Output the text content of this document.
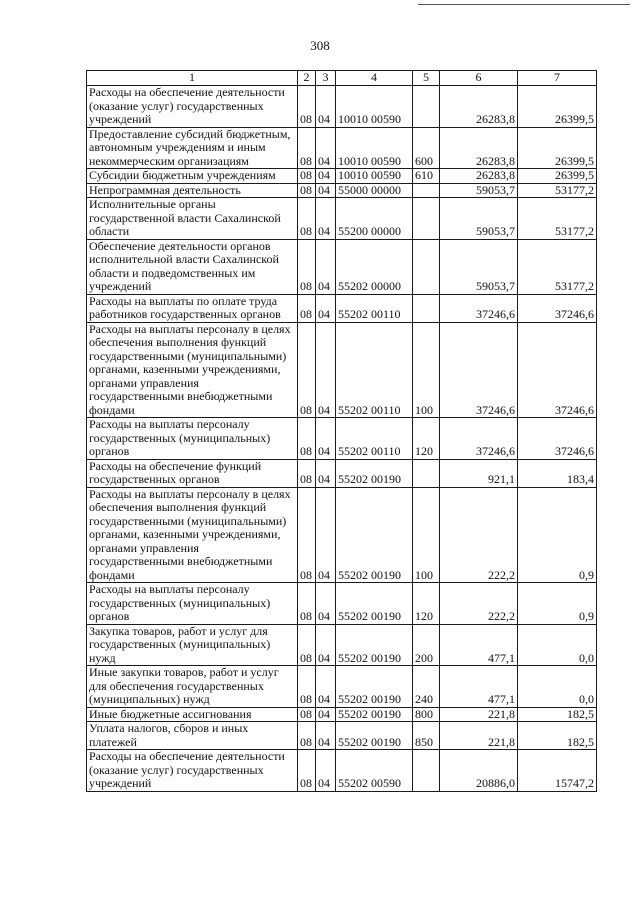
308
1	2	3	4	5	6	7
Расходы на обеспечение деятельности (оказание услуг) государственных учреждений	08	04	10010 00590		26283,8	26399,5
Предоставление субсидий бюджетным, автономным учреждениям и иным некоммерческим организациям	08	04	10010 00590	600	26283,8	26399,5
Субсидии бюджетным учреждениям	08	04	10010 00590	610	26283,8	26399,5
Непрограммная деятельность	08	04	55000 00000		59053,7	53177,2
Исполнительные органы государственной власти Сахалинской области	08	04	55200 00000		59053,7	53177,2
Обеспечение деятельности органов исполнительной власти Сахалинской области и подведомственных им учреждений	08	04	55202 00000		59053,7	53177,2
Расходы на выплаты по оплате труда работников государственных органов	08	04	55202 00110		37246,6	37246,6
Расходы на выплаты персоналу в целях обеспечения выполнения функций государственными (муниципальными) органами, казенными учреждениями, органами управления государственными внебюджетными фондами	08	04	55202 00110	100	37246,6	37246,6
Расходы на выплаты персоналу государственных (муниципальных) органов	08	04	55202 00110	120	37246,6	37246,6
Расходы на обеспечение функций государственных органов	08	04	55202 00190		921,1	183,4
Расходы на выплаты персоналу в целях обеспечения выполнения функций государственными (муниципальными) органами, казенными учреждениями, органами управления государственными внебюджетными фондами	08	04	55202 00190	100	222,2	0,9
Расходы на выплаты персоналу государственных (муниципальных) органов	08	04	55202 00190	120	222,2	0,9
Закупка товаров, работ и услуг для государственных (муниципальных) нужд	08	04	55202 00190	200	477,1	0,0
Иные закупки товаров, работ и услуг для обеспечения государственных (муниципальных) нужд	08	04	55202 00190	240	477,1	0,0
Иные бюджетные ассигнования	08	04	55202 00190	800	221,8	182,5
Уплата налогов, сборов и иных платежей	08	04	55202 00190	850	221,8	182,5
Расходы на обеспечение деятельности (оказание услуг) государственных учреждений	08	04	55202 00590		20886,0	15747,2
